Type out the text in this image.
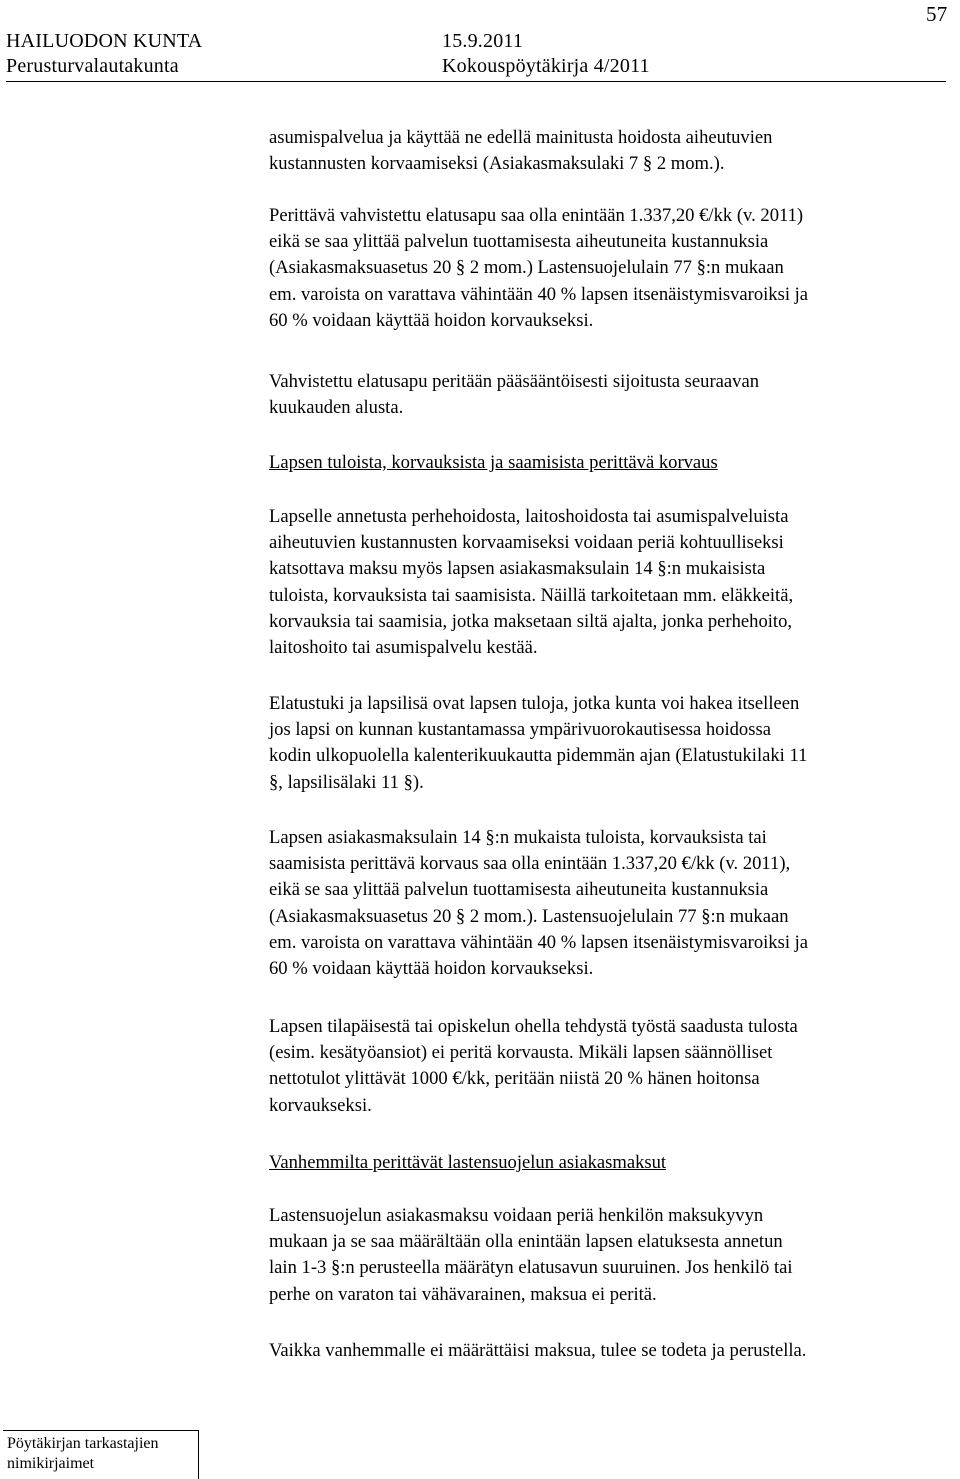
HAILUODON KUNTA	15.9.2011
57
Perusturvalautakunta	Kokouspöytäkirja 4/2011
asumispalvelua ja käyttää ne edellä mainitusta hoidosta aiheutuvien
kustannusten korvaamiseksi (Asiakasmaksulaki 7 § 2 mom.).
Perittävä vahvistettu elatusapu saa olla enintään 1.337,20 €/kk (v. 2011)
eikä se saa ylittää palvelun tuottamisesta aiheutuneita kustannuksia
(Asiakasmaksuasetus 20 § 2 mom.) Lastensuojelulain 77 §:n mukaan
em. varoista on varattava vähintään 40 % lapsen itsenäistymisvaroiksi ja
60 % voidaan käyttää hoidon korvaukseksi.
Vahvistettu elatusapu peritään pääsääntöisesti sijoitusta seuraavan
kuukauden alusta.
Lapsen tuloista, korvauksista ja saamisista perittävä korvaus
Lapselle annetusta perhehoidosta, laitoshoidosta tai asumispalveluista
aiheutuvien kustannusten korvaamiseksi voidaan periä kohtuulliseksi
katsottava maksu myös lapsen asiakasmaksulain 14 §:n mukaisista
tuloista, korvauksista tai saamisista. Näillä tarkoitetaan mm. eläkkeitä,
korvauksia tai saamisia, jotka maksetaan siltä ajalta, jonka perhehoito,
laitoshoito tai asumispalvelu kestää.
Elatustuki ja lapsilisä ovat lapsen tuloja, jotka kunta voi hakea itselleen
jos lapsi on kunnan kustantamassa ympärivuorokautisessa hoidossa
kodin ulkopuolella kalenterikuukautta pidemmän ajan (Elatustukilaki 11
§, lapsilisälaki 11 §).
Lapsen asiakasmaksulain 14 §:n mukaista tuloista, korvauksista tai
saamisista perittävä korvaus saa olla enintään 1.337,20 €/kk (v. 2011),
eikä se saa ylittää palvelun tuottamisesta aiheutuneita kustannuksia
(Asiakasmaksuasetus 20 § 2 mom.). Lastensuojelulain 77 §:n mukaan
em. varoista on varattava vähintään 40 % lapsen itsenäistymisvaroiksi ja
60 % voidaan käyttää hoidon korvaukseksi.
Lapsen tilapäisestä tai opiskelun ohella tehdystä työstä saadusta tulosta
(esim. kesätyöansiot) ei peritä korvausta. Mikäli lapsen säännölliset
nettotulot ylittävät 1000 €/kk, peritään niistä 20 % hänen hoitonsa
korvaukseksi.
Vanhemmilta perittävät lastensuojelun asiakasmaksut
Lastensuojelun asiakasmaksu voidaan periä henkilön maksukyvyn
mukaan ja se saa määrältään olla enintään lapsen elatuksesta annetun
lain 1-3 §:n perusteella määrätyn elatusavun suuruinen. Jos henkilö tai
perhe on varaton tai vähävarainen, maksua ei peritä.
Vaikka vanhemmalle ei määrättäisi maksua, tulee se todeta ja perustella.
Pöytäkirjan tarkastajien
nimikirjaimet
